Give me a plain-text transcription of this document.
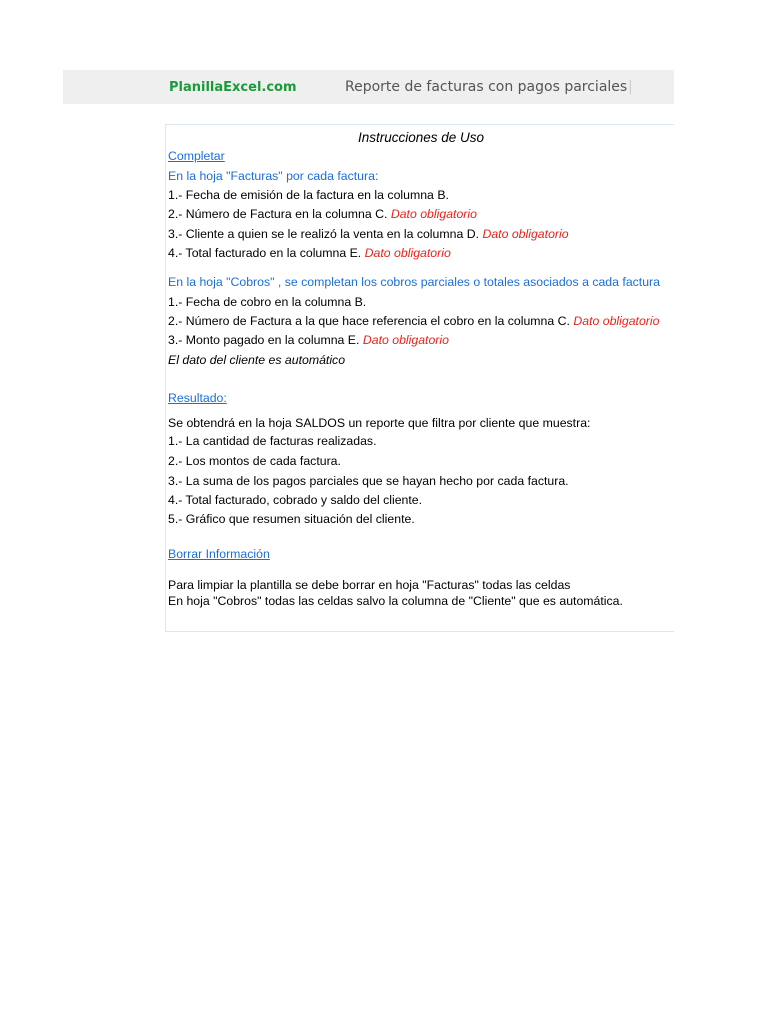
PlanillaExcel.com	Reporte de facturas con pagos parciales |
Instrucciones de Uso
Completar
En la hoja "Facturas" por cada factura:
1.- Fecha de emisión de la factura en la columna B.
2.- Número de Factura en la columna C. Dato obligatorio
3.- Cliente a quien se le realizó la venta en la columna D. Dato obligatorio
4.- Total facturado en la columna E. Dato obligatorio
En la hoja "Cobros" , se completan los cobros parciales o totales asociados a cada factura
1.- Fecha de cobro en la columna B.
2.- Número de Factura a la que hace referencia el cobro en la columna C. Dato obligatorio
3.- Monto pagado en la columna E. Dato obligatorio
El dato del cliente es automático
Resultado:
Se obtendrá en la hoja SALDOS un reporte que filtra por cliente que muestra:
1.- La cantidad de facturas realizadas.
2.- Los montos de cada factura.
3.- La suma de los pagos parciales que se hayan hecho por cada factura.
4.- Total facturado, cobrado y saldo del cliente.
5.- Gráfico que resumen situación del cliente.
Borrar Información
Para limpiar la plantilla se debe borrar en hoja "Facturas" todas las celdas
En hoja "Cobros" todas las celdas salvo la columna de "Cliente" que es automática.
